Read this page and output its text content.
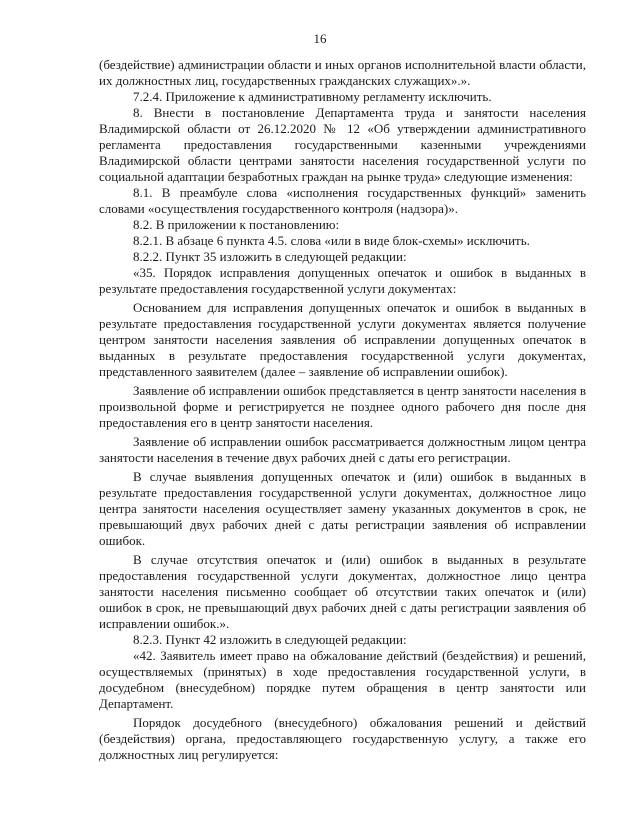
16

(бездействие) администрации области и иных органов исполнительной власти области, их должностных лиц, государственных гражданских служащих».».

7.2.4. Приложение к административному регламенту исключить.

8. Внести в постановление Департамента труда и занятости населения Владимирской области от 26.12.2020 № 12 «Об утверждении административного регламента предоставления государственными казенными учреждениями Владимирской области центрами занятости населения государственной услуги по социальной адаптации безработных граждан на рынке труда» следующие изменения:

8.1. В преамбуле слова «исполнения государственных функций» заменить словами «осуществления государственного контроля (надзора)».

8.2. В приложении к постановлению:

8.2.1. В абзаце 6 пункта 4.5. слова «или в виде блок-схемы» исключить.

8.2.2. Пункт 35 изложить в следующей редакции:

«35. Порядок исправления допущенных опечаток и ошибок в выданных в результате предоставления государственной услуги документах:

Основанием для исправления допущенных опечаток и ошибок в выданных в результате предоставления государственной услуги документах является получение центром занятости населения заявления об исправлении допущенных опечаток в выданных в результате предоставления государственной услуги документах, представленного заявителем (далее – заявление об исправлении ошибок).

Заявление об исправлении ошибок представляется в центр занятости населения в произвольной форме и регистрируется не позднее одного рабочего дня после дня предоставления его в центр занятости населения.

Заявление об исправлении ошибок рассматривается должностным лицом центра занятости населения в течение двух рабочих дней с даты его регистрации.

В случае выявления допущенных опечаток и (или) ошибок в выданных в результате предоставления государственной услуги документах, должностное лицо центра занятости населения осуществляет замену указанных документов в срок, не превышающий двух рабочих дней с даты регистрации заявления об исправлении ошибок.

В случае отсутствия опечаток и (или) ошибок в выданных в результате предоставления государственной услуги документах, должностное лицо центра занятости населения письменно сообщает об отсутствии таких опечаток и (или) ошибок в срок, не превышающий двух рабочих дней с даты регистрации заявления об исправлении ошибок.».

8.2.3. Пункт 42 изложить в следующей редакции:

«42. Заявитель имеет право на обжалование действий (бездействия) и решений, осуществляемых (принятых) в ходе предоставления государственной услуги, в досудебном (внесудебном) порядке путем обращения в центр занятости или Департамент.

Порядок досудебного (внесудебного) обжалования решений и действий (бездействия) органа, предоставляющего государственную услугу, а также его должностных лиц регулируется:
